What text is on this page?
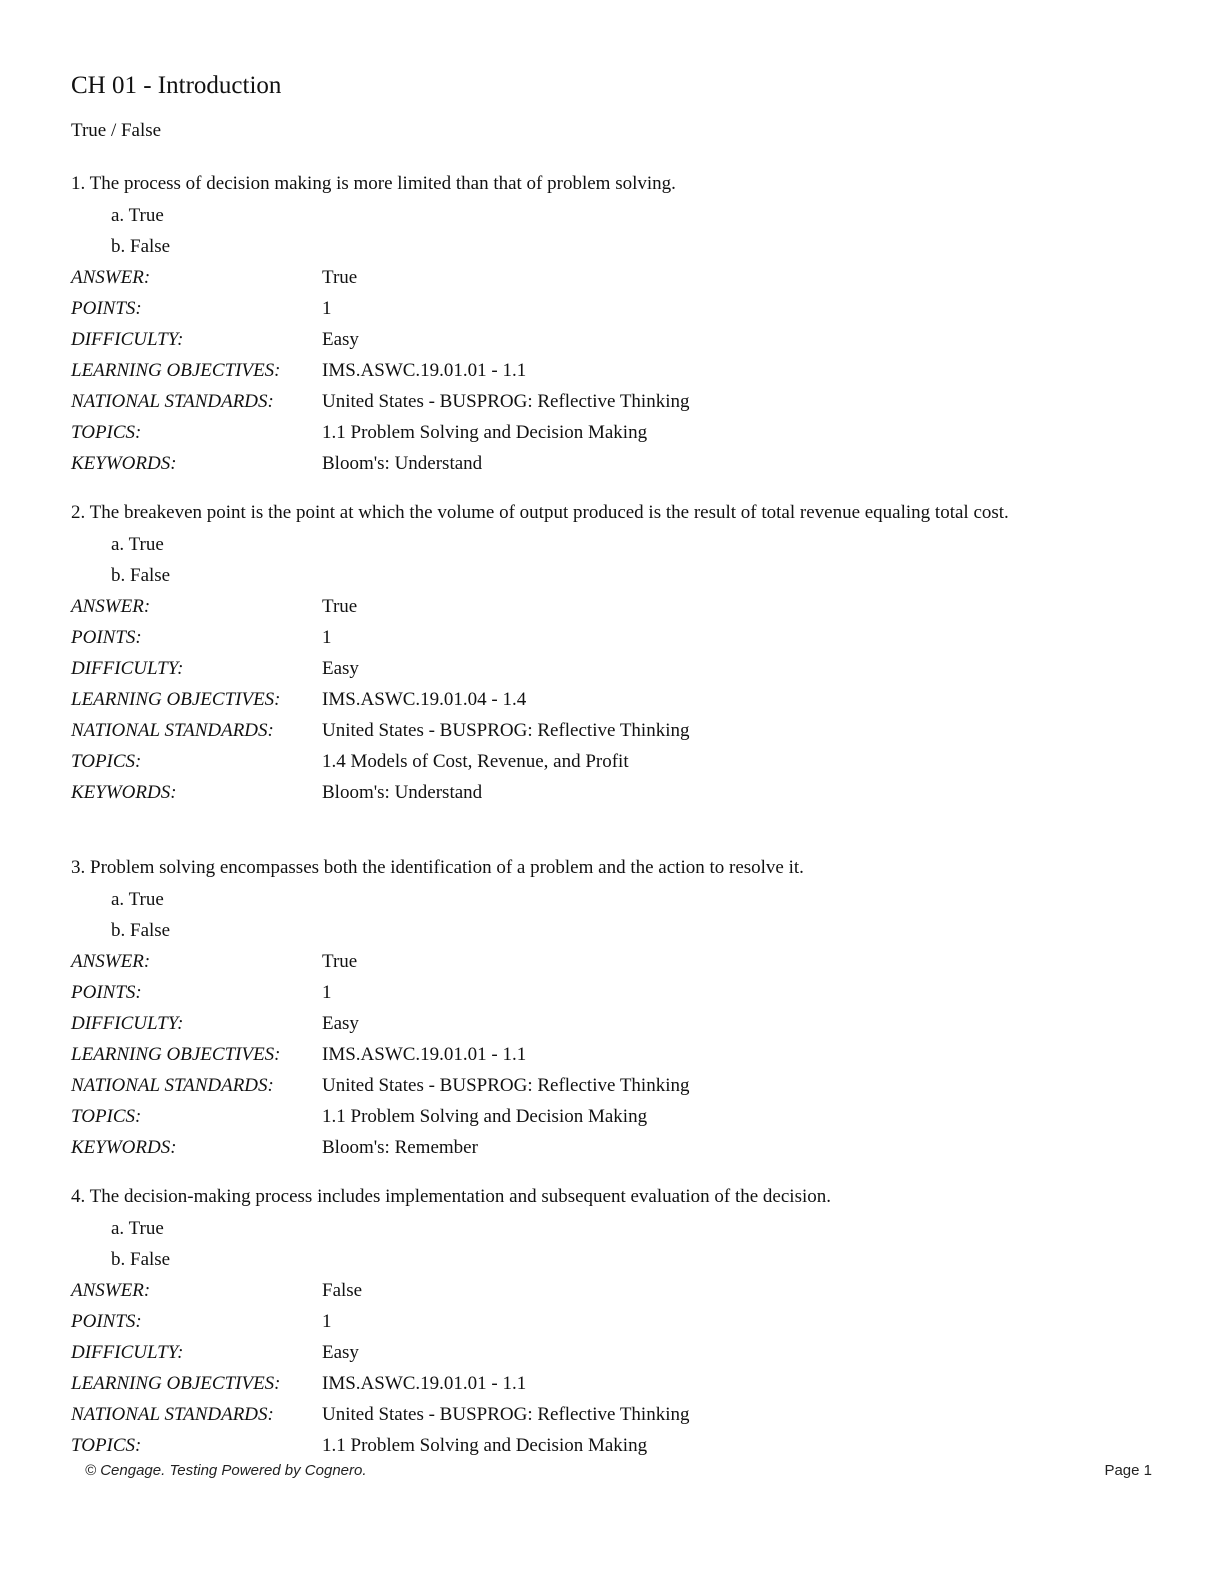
CH 01 - Introduction
True / False
1. The process of decision making is more limited than that of problem solving.
a. True
b. False
ANSWER:	True
POINTS:	1
DIFFICULTY:	Easy
LEARNING OBJECTIVES:	IMS.ASWC.19.01.01 - 1.1
NATIONAL STANDARDS:	United States - BUSPROG: Reflective Thinking
TOPICS:	1.1 Problem Solving and Decision Making
KEYWORDS:	Bloom's: Understand
2. The breakeven point is the point at which the volume of output produced is the result of total revenue equaling total cost.
a. True
b. False
ANSWER:	True
POINTS:	1
DIFFICULTY:	Easy
LEARNING OBJECTIVES:	IMS.ASWC.19.01.04 - 1.4
NATIONAL STANDARDS:	United States - BUSPROG: Reflective Thinking
TOPICS:	1.4 Models of Cost, Revenue, and Profit
KEYWORDS:	Bloom's: Understand
3. Problem solving encompasses both the identification of a problem and the action to resolve it.
a. True
b. False
ANSWER:	True
POINTS:	1
DIFFICULTY:	Easy
LEARNING OBJECTIVES:	IMS.ASWC.19.01.01 - 1.1
NATIONAL STANDARDS:	United States - BUSPROG: Reflective Thinking
TOPICS:	1.1 Problem Solving and Decision Making
KEYWORDS:	Bloom's: Remember
4. The decision-making process includes implementation and subsequent evaluation of the decision.
a. True
b. False
ANSWER:	False
POINTS:	1
DIFFICULTY:	Easy
LEARNING OBJECTIVES:	IMS.ASWC.19.01.01 - 1.1
NATIONAL STANDARDS:	United States - BUSPROG: Reflective Thinking
TOPICS:	1.1 Problem Solving and Decision Making
© Cengage. Testing Powered by Cognero.	Page 1
